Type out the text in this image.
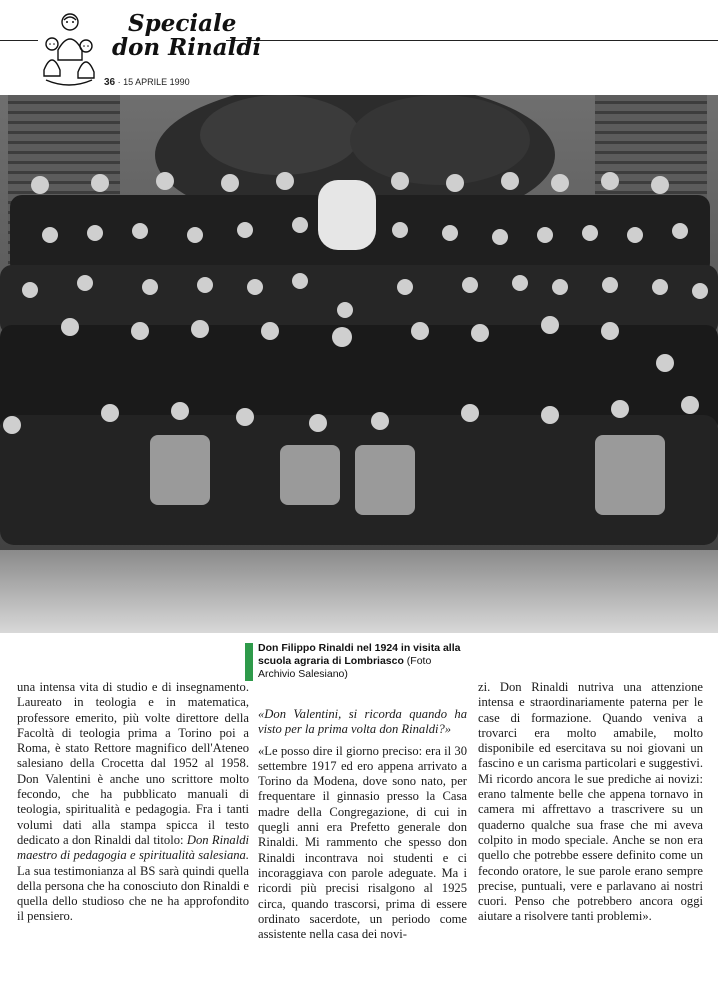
Speciale
don Rinaldi
36 · 15 APRILE 1990
Don Filippo Rinaldi nel 1924 in visita alla scuola agraria di Lombriasco (Foto Archivio Salesiano)

una intensa vita di studio e di insegnamento. Laureato in teologia e in matematica, professore emerito, più volte direttore della Facoltà di teologia prima a Torino poi a Roma, è stato Rettore magnifico dell'Ateneo salesiano della Crocetta dal 1952 al 1958. Don Valentini è anche uno scrittore molto fecondo, che ha pubblicato manuali di teologia, spiritualità e pedagogia. Fra i tanti volumi dati alla stampa spicca il testo dedicato a don Rinaldi dal titolo: Don Rinaldi maestro di pedagogia e spiritualità salesiana. La sua testimonianza al BS sarà quindi quella della persona che ha conosciuto don Rinaldi e quella dello studioso che ne ha approfondito il pensiero.

«Don Valentini, si ricorda quando ha visto per la prima volta don Rinaldi?»

«Le posso dire il giorno preciso: era il 30 settembre 1917 ed ero appena arrivato a Torino da Modena, dove sono nato, per frequentare il ginnasio presso la Casa madre della Congregazione, di cui in quegli anni era Prefetto generale don Rinaldi. Mi rammento che spesso don Rinaldi incontrava noi studenti e ci incoraggiava con parole adeguate. Ma i ricordi più precisi risalgono al 1925 circa, quando trascorsi, prima di essere ordinato sacerdote, un periodo come assistente nella casa dei novi-

zi. Don Rinaldi nutriva una attenzione intensa e straordinariamente paterna per le case di formazione. Quando veniva a trovarci era molto amabile, molto disponibile ed esercitava su noi giovani un fascino e un carisma particolari e suggestivi. Mi ricordo ancora le sue prediche ai novizi: erano talmente belle che appena tornavo in camera mi affrettavo a trascrivere su un quaderno qualche sua frase che mi aveva colpito in modo speciale. Anche se non era quello che potrebbe essere definito come un fecondo oratore, le sue parole erano sempre precise, puntuali, vere e parlavano ai nostri cuori. Penso che potrebbero ancora oggi aiutare a risolvere tanti problemi».
